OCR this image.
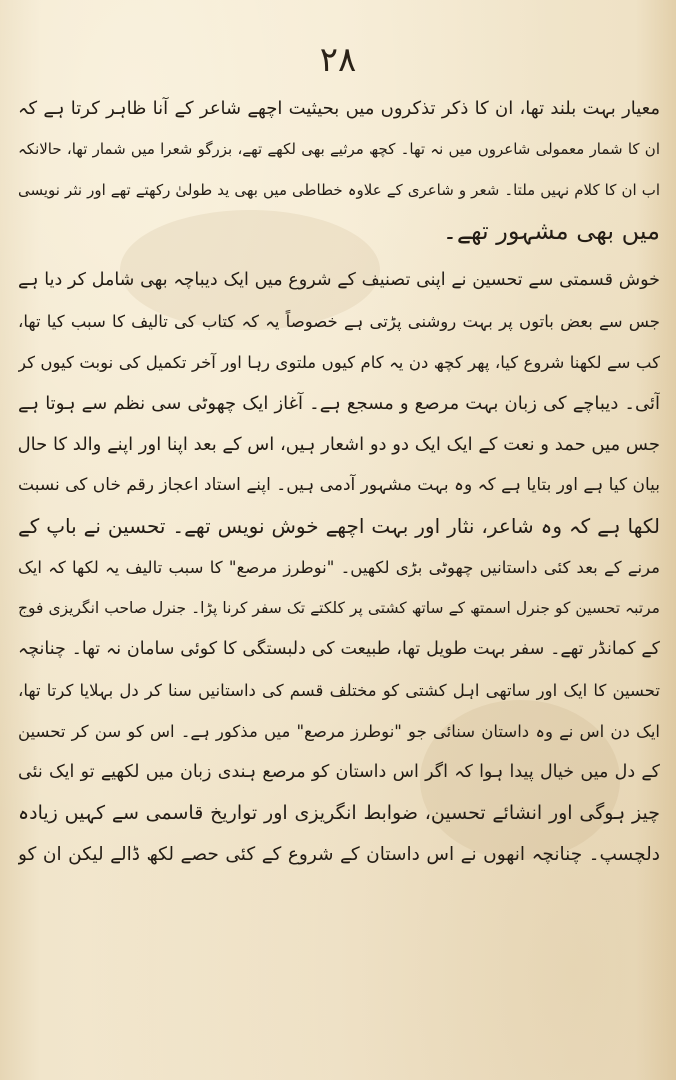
۲۸
معیار بہت بلند تھا، ان کا ذکر تذکروں میں بحیثیت اچھے شاعر کے آنا ظاہر کرتا ہے کہ
ان کا شمار معمولی شاعروں میں نہ تھا۔ کچھ مرثیے بھی لکھے تھے، بزرگو شعرا میں شمار تھا، حالانکہ
اب ان کا کلام نہیں ملتا۔ شعر و شاعری کے علاوہ خطاطی میں بھی ید طولیٰ رکھتے تھے اور نثر نویسی
میں بھی مشہور تھے۔
خوش قسمتی سے تحسین نے اپنی تصنیف کے شروع میں ایک دیباچہ بھی شامل کر دیا ہے
جس سے بعض باتوں پر بہت روشنی پڑتی ہے خصوصاً یہ کہ کتاب کی تالیف کا سبب کیا تھا،
کب سے لکھنا شروع کیا، پھر کچھ دن یہ کام کیوں ملتوی رہا اور آخر تکمیل کی نوبت کیوں کر
آئی۔ دیباچے کی زبان بہت مرصع و مسجع ہے۔ آغاز ایک چھوٹی سی نظم سے ہوتا ہے
جس میں حمد و نعت کے ایک ایک دو دو اشعار ہیں، اس کے بعد اپنا اور اپنے والد کا حال
بیان کیا ہے اور بتایا ہے کہ وہ بہت مشہور آدمی ہیں۔ اپنے استاد اعجاز رقم خاں کی نسبت
لکھا ہے کہ وہ شاعر، نثار اور بہت اچھے خوش نویس تھے۔ تحسین نے باپ کے
مرنے کے بعد کئی داستانیں چھوٹی بڑی لکھیں۔ "نوطرز مرصع" کا سبب تالیف یہ لکھا کہ ایک
مرتبہ تحسین کو جنرل اسمتھ کے ساتھ کشتی پر کلکتے تک سفر کرنا پڑا۔ جنرل صاحب انگریزی فوج
کے کمانڈر تھے۔ سفر بہت طویل تھا، طبیعت کی دلبستگی کا کوئی سامان نہ تھا۔ چنانچہ
تحسین کا ایک اور ساتھی اہل کشتی کو مختلف قسم کی داستانیں سنا کر دل بہلایا کرتا تھا،
ایک دن اس نے وہ داستان سنائی جو "نوطرز مرصع" میں مذکور ہے۔ اس کو سن کر تحسین
کے دل میں خیال پیدا ہوا کہ اگر اس داستان کو مرصع ہندی زبان میں لکھیے تو ایک نئی
چیز ہوگی اور انشائے تحسین، ضوابط انگریزی اور تواریخ قاسمی سے کہیں زیادہ
دلچسپ۔ چنانچہ انھوں نے اس داستان کے شروع کے کئی حصے لکھ ڈالے لیکن ان کو
